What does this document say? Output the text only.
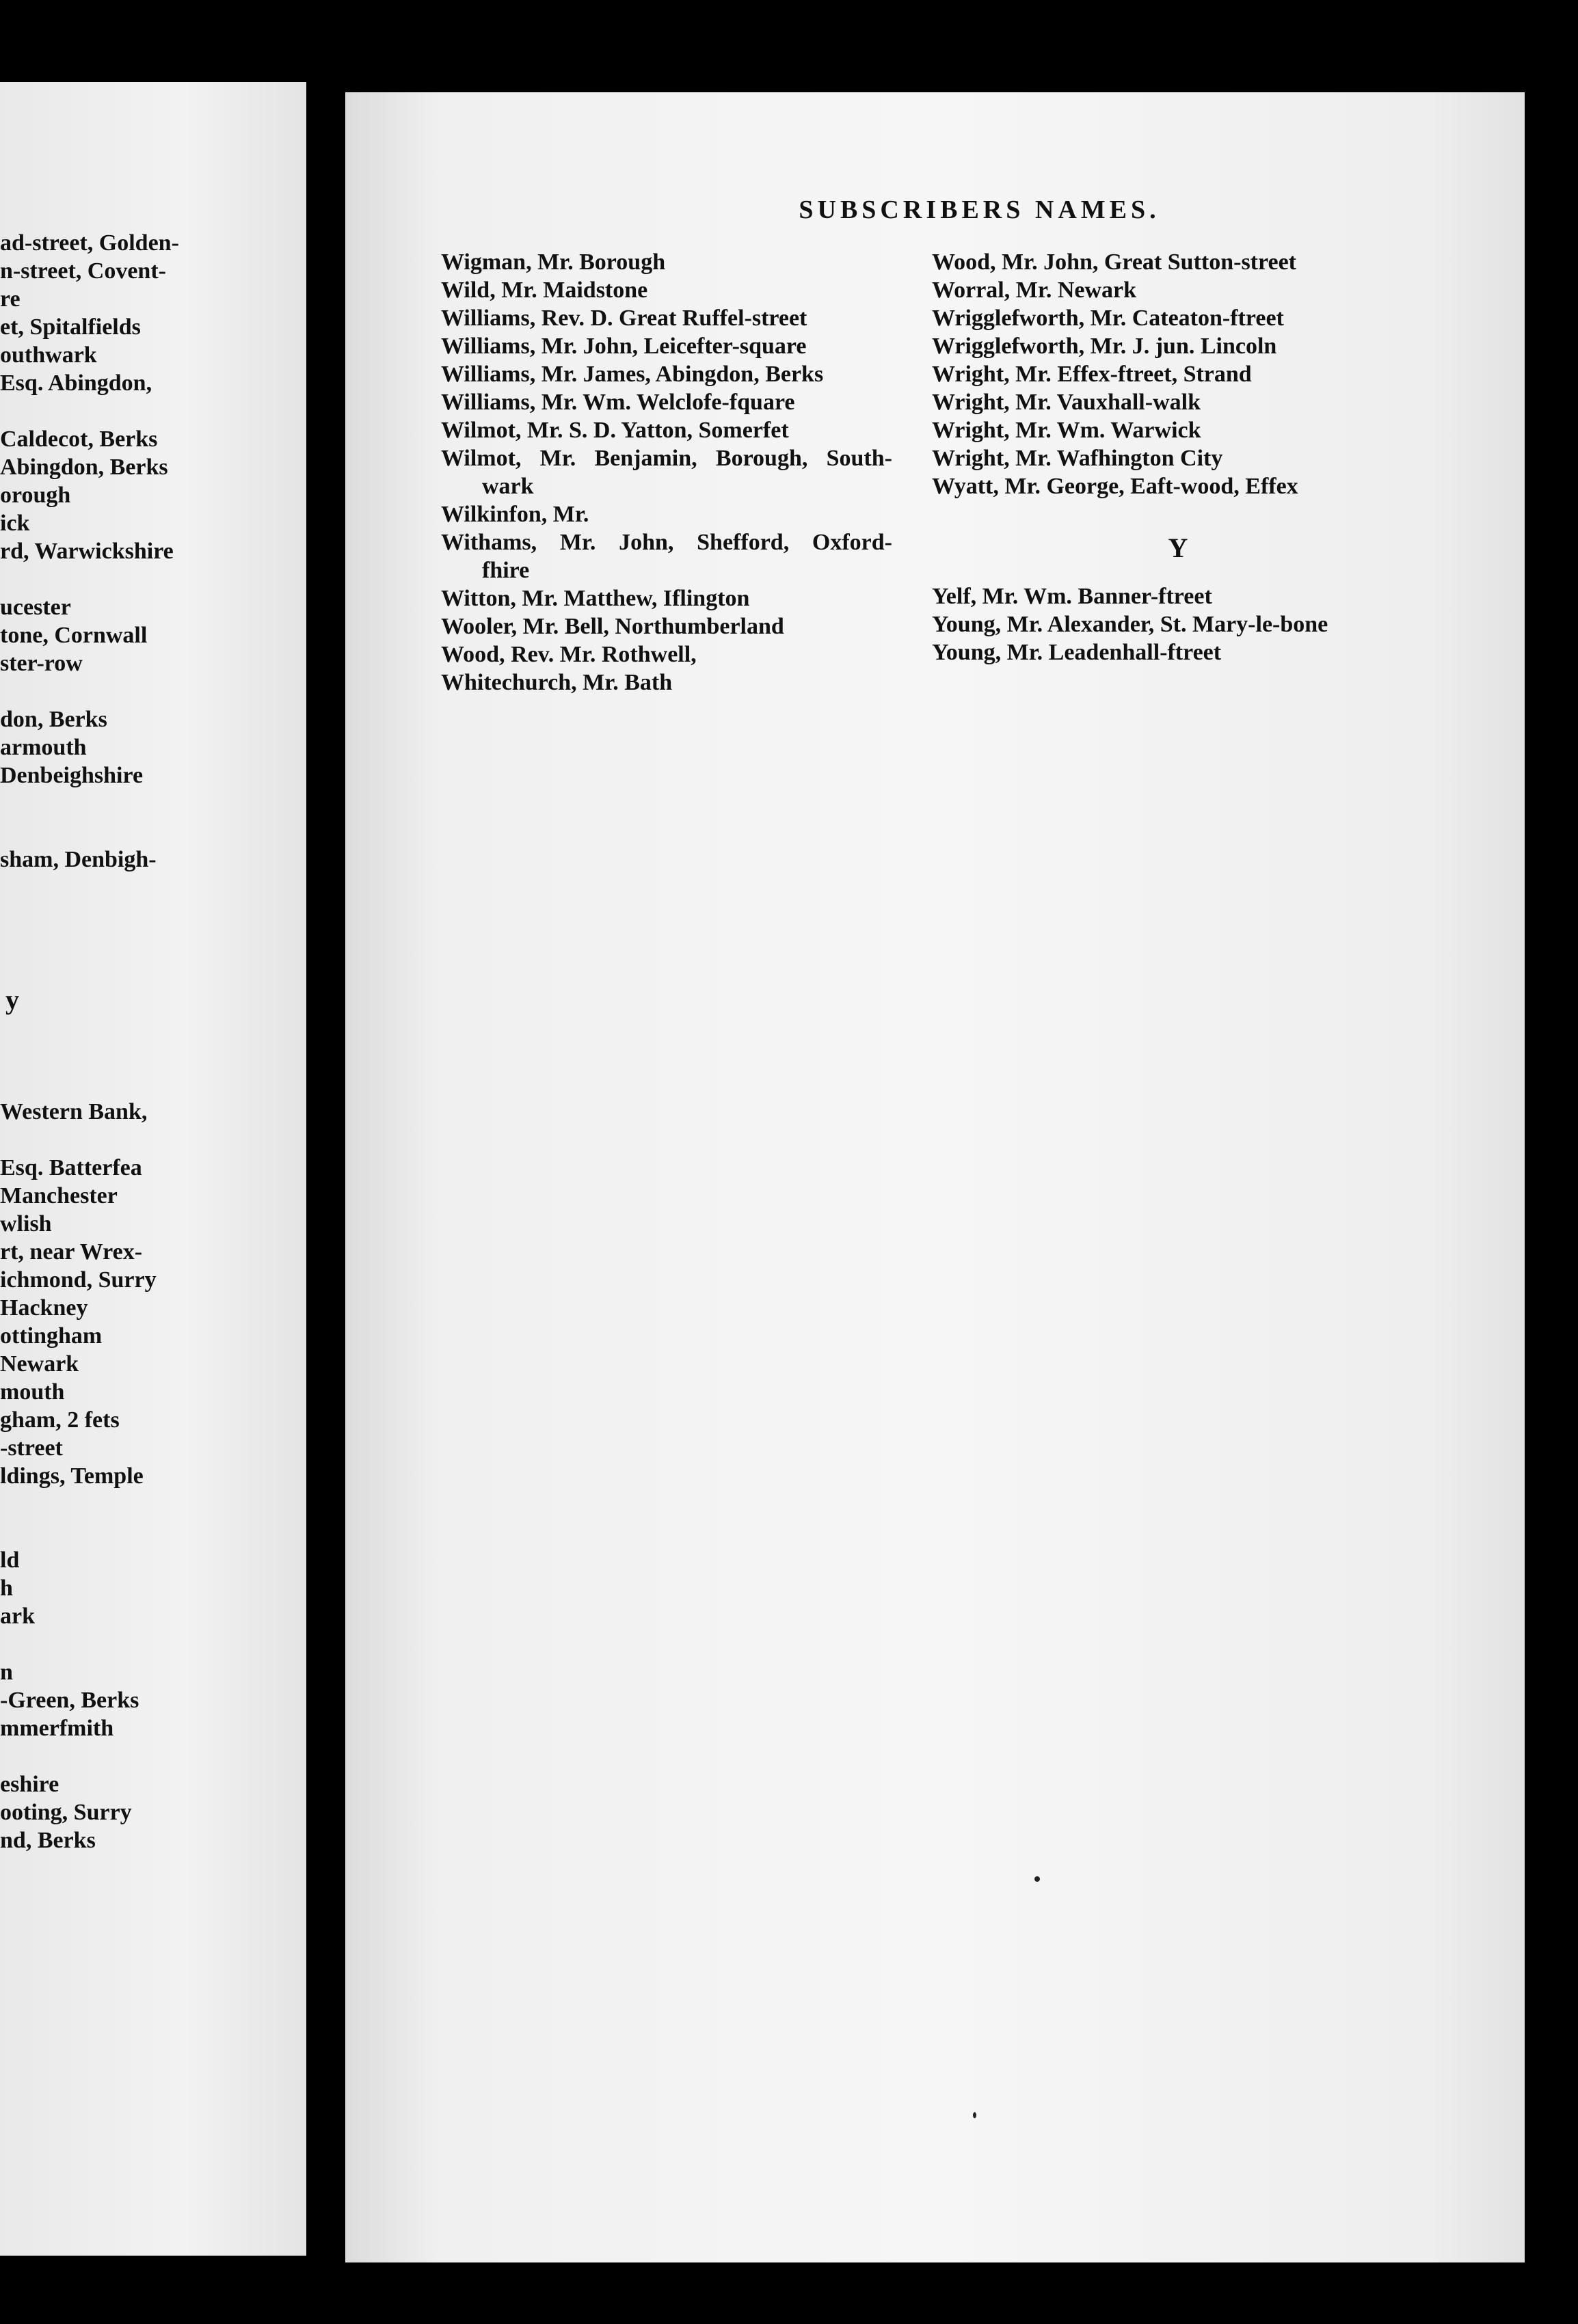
ad-street, Golden-
n-street, Covent-
re
et, Spitalfields
outhwark
Esq. Abingdon,
Caldecot, Berks
Abingdon, Berks
orough
ick
rd, Warwickshire
ucester
tone, Cornwall
ster-row
don, Berks
armouth
Denbeighshire
sham, Denbigh-
y
Western Bank,
Esq. Batterfea
Manchester
wlish
rt, near Wrex-
ichmond, Surry
Hackney
ottingham
Newark
mouth
gham, 2 fets
-street
ldings, Temple
ld
h
ark
n
-Green, Berks
mmerfmith
eshire
ooting, Surry
nd, Berks
SUBSCRIBERS NAMES.
Wigman, Mr. Borough
Wild, Mr. Maidstone
Williams, Rev. D. Great Ruffel-street
Williams, Mr. John, Leicefter-square
Williams, Mr. James, Abingdon, Berks
Williams, Mr. Wm. Welclofe-fquare
Wilmot, Mr. S. D. Yatton, Somerfet
Wilmot, Mr. Benjamin, Borough, South-
wark
Wilkinfon, Mr.
Withams, Mr. John, Shefford, Oxford-
fhire
Witton, Mr. Matthew, Iflington
Wooler, Mr. Bell, Northumberland
Wood, Rev. Mr. Rothwell,
Whitechurch, Mr. Bath
Wood, Mr. John, Great Sutton-street
Worral, Mr. Newark
Wrigglefworth, Mr. Cateaton-ftreet
Wrigglefworth, Mr. J. jun. Lincoln
Wright, Mr. Effex-ftreet, Strand
Wright, Mr. Vauxhall-walk
Wright, Mr. Wm. Warwick
Wright, Mr. Wafhington City
Wyatt, Mr. George, Eaft-wood, Effex
Y
Yelf, Mr. Wm. Banner-ftreet
Young, Mr. Alexander, St. Mary-le-bone
Young, Mr. Leadenhall-ftreet
